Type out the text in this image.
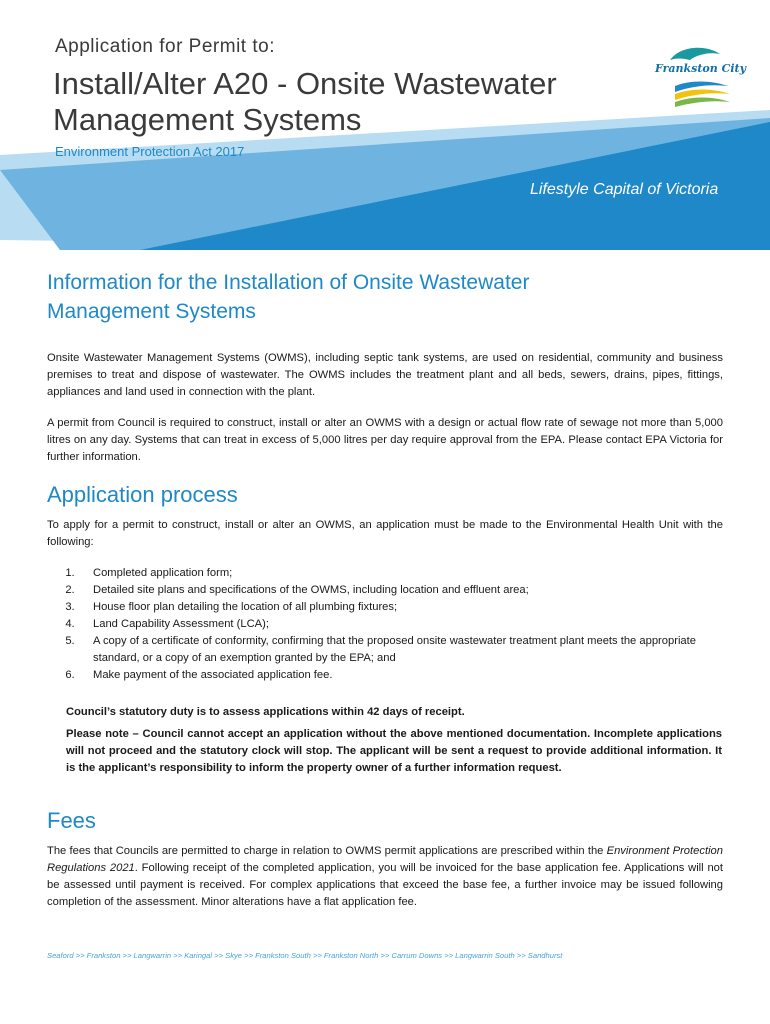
Application for Permit to:

Install/Alter A20 - Onsite Wastewater
Management Systems

Environment Protection Act 2017

Frankston City

Lifestyle Capital of Victoria

Information for the Installation of Onsite Wastewater
Management Systems

Onsite Wastewater Management Systems (OWMS), including septic tank systems, are used on residential, community and business premises to treat and dispose of wastewater. The OWMS includes the treatment plant and all beds, sewers, drains, pipes, fittings, appliances and land used in connection with the plant.

A permit from Council is required to construct, install or alter an OWMS with a design or actual flow rate of sewage not more than 5,000 litres on any day. Systems that can treat in excess of 5,000 litres per day require approval from the EPA. Please contact EPA Victoria for further information.

Application process

To apply for a permit to construct, install or alter an OWMS, an application must be made to the Environmental Health Unit with the following:

1.	Completed application form;
2.	Detailed site plans and specifications of the OWMS, including location and effluent area;
3.	House floor plan detailing the location of all plumbing fixtures;
4.	Land Capability Assessment (LCA);
5.	A copy of a certificate of conformity, confirming that the proposed onsite wastewater treatment plant meets the appropriate standard, or a copy of an exemption granted by the EPA; and
6.	Make payment of the associated application fee.

Council’s statutory duty is to assess applications within 42 days of receipt.

Please note – Council cannot accept an application without the above mentioned documentation. Incomplete applications will not proceed and the statutory clock will stop. The applicant will be sent a request to provide additional information. It is the applicant’s responsibility to inform the property owner of a further information request.

Fees

The fees that Councils are permitted to charge in relation to OWMS permit applications are prescribed within the Environment Protection Regulations 2021. Following receipt of the completed application, you will be invoiced for the base application fee. Applications will not be assessed until payment is received. For complex applications that exceed the base fee, a further invoice may be issued following completion of the assessment. Minor alterations have a flat application fee.

Seaford >> Frankston >> Langwarrin >> Karingal >> Skye >> Frankston South >> Frankston North >> Carrum Downs >> Langwarrin South >> Sandhurst
